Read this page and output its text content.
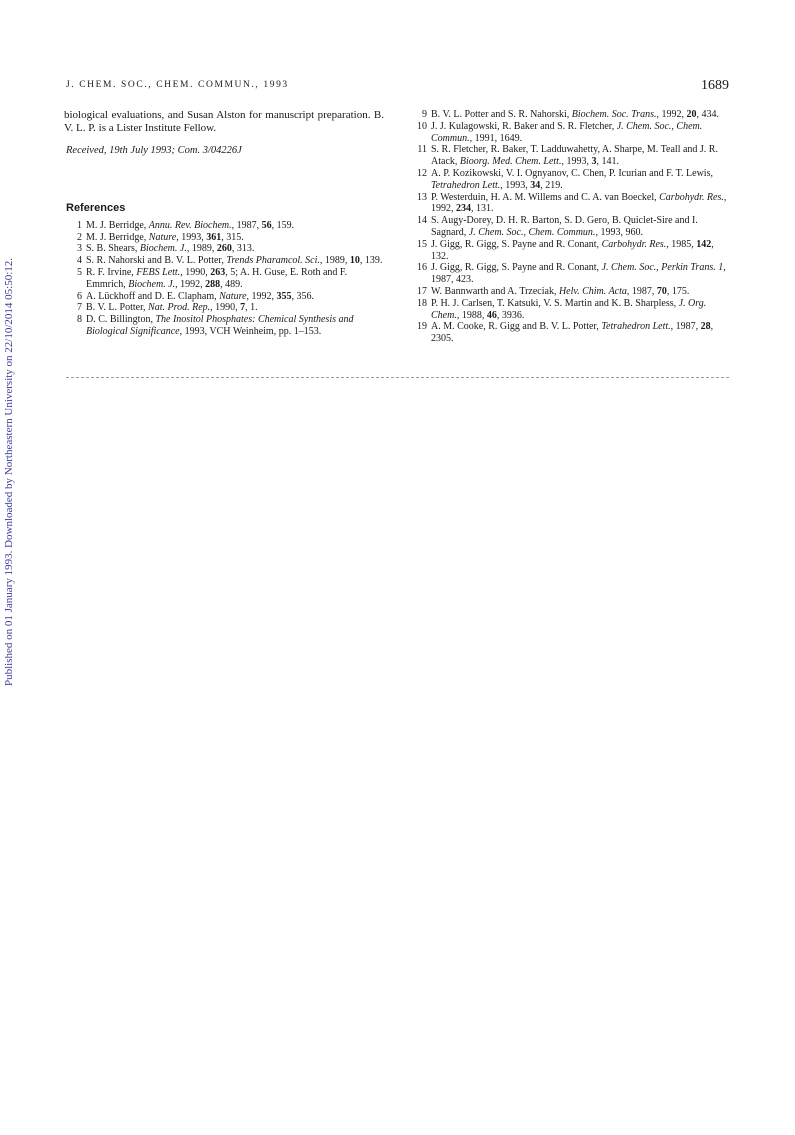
Published on 01 January 1993. Downloaded by Northeastern University on 22/10/2014 05:50:12.
J. CHEM. SOC., CHEM. COMMUN., 1993	1689

biological evaluations, and Susan Alston for manuscript preparation. B. V. L. P. is a Lister Institute Fellow.

Received, 19th July 1993; Com. 3/04226J

References
1 M. J. Berridge, Annu. Rev. Biochem., 1987, 56, 159.
2 M. J. Berridge, Nature, 1993, 361, 315.
3 S. B. Shears, Biochem. J., 1989, 260, 313.
4 S. R. Nahorski and B. V. L. Potter, Trends Pharamcol. Sci., 1989, 10, 139.
5 R. F. Irvine, FEBS Lett., 1990, 263, 5; A. H. Guse, E. Roth and F. Emmrich, Biochem. J., 1992, 288, 489.
6 A. Lückhoff and D. E. Clapham, Nature, 1992, 355, 356.
7 B. V. L. Potter, Nat. Prod. Rep., 1990, 7, 1.
8 D. C. Billington, The Inositol Phosphates: Chemical Synthesis and Biological Significance, 1993, VCH Weinheim, pp. 1–153.
9 B. V. L. Potter and S. R. Nahorski, Biochem. Soc. Trans., 1992, 20, 434.
10 J. J. Kulagowski, R. Baker and S. R. Fletcher, J. Chem. Soc., Chem. Commun., 1991, 1649.
11 S. R. Fletcher, R. Baker, T. Ladduwahetty, A. Sharpe, M. Teall and J. R. Atack, Bioorg. Med. Chem. Lett., 1993, 3, 141.
12 A. P. Kozikowski, V. I. Ognyanov, C. Chen, P. Icurian and F. T. Lewis, Tetrahedron Lett., 1993, 34, 219.
13 P. Westerduin, H. A. M. Willems and C. A. van Boeckel, Carbohydr. Res., 1992, 234, 131.
14 S. Augy-Dorey, D. H. R. Barton, S. D. Gero, B. Quiclet-Sire and I. Sagnard, J. Chem. Soc., Chem. Commun., 1993, 960.
15 J. Gigg, R. Gigg, S. Payne and R. Conant, Carbohydr. Res., 1985, 142, 132.
16 J. Gigg, R. Gigg, S. Payne and R. Conant, J. Chem. Soc., Perkin Trans. 1, 1987, 423.
17 W. Bannwarth and A. Trzeciak, Helv. Chim. Acta, 1987, 70, 175.
18 P. H. J. Carlsen, T. Katsuki, V. S. Martin and K. B. Sharpless, J. Org. Chem., 1988, 46, 3936.
19 A. M. Cooke, R. Gigg and B. V. L. Potter, Tetrahedron Lett., 1987, 28, 2305.
